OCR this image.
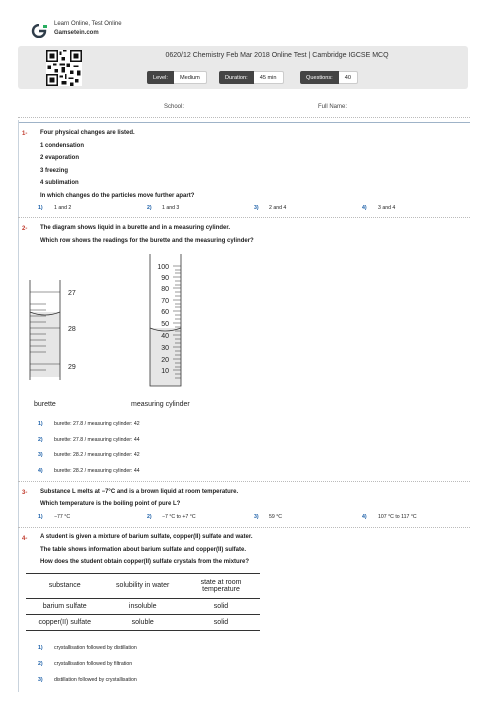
Learn Online, Test Online
Gamsetein.com
0620/12 Chemistry Feb Mar 2018 Online Test | Cambridge IGCSE MCQ
Level:	Medium	Duration:	45 min	Questions:	40
School:	Full Name:
1- Four physical changes are listed.
1 condensation
2 evaporation
3 freezing
4 sublimation
In which changes do the particles move further apart?
1) 1 and 2	2) 1 and 3	3) 2 and 4	4) 3 and 4
2- The diagram shows liquid in a burette and in a measuring cylinder.
Which row shows the readings for the burette and the measuring cylinder?
27
28
29
burette
100
90
80
70
60
50
40
30
20
10
measuring cylinder
1) burette: 27.8 / measuring cylinder: 42
2) burette: 27.8 / measuring cylinder: 44
3) burette: 28.2 / measuring cylinder: 42
4) burette: 28.2 / measuring cylinder: 44
3- Substance L melts at −7°C and is a brown liquid at room temperature.
Which temperature is the boiling point of pure L?
1) −77 °C	2) −7 °C to +7 °C	3) 59 °C	4) 107 °C to 117 °C
4- A student is given a mixture of barium sulfate, copper(II) sulfate and water.
The table shows information about barium sulfate and copper(II) sulfate.
How does the student obtain copper(II) sulfate crystals from the mixture?
substance	solubility in water	state at room temperature
barium sulfate	insoluble	solid
copper(II) sulfate	soluble	solid
1) crystallisation followed by distillation
2) crystallisation followed by filtration
3) distillation followed by crystallisation
